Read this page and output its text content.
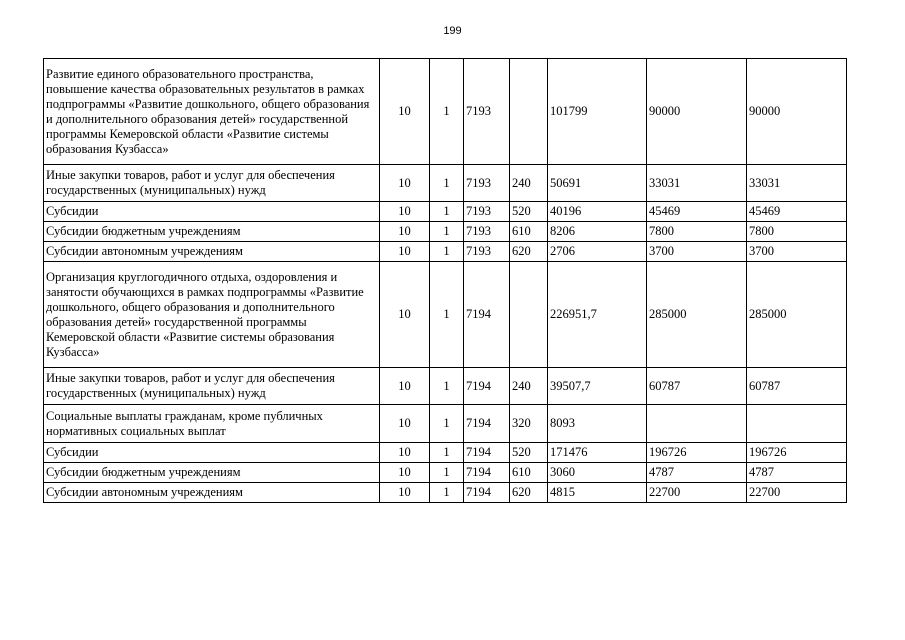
199
Развитие единого образовательного пространства, повышение качества образовательных результатов в рамках подпрограммы «Развитие дошкольного, общего образования и дополнительного образования детей» государственной программы Кемеровской области «Развитие системы образования Кузбасса»	10	1	7193		101799	90000	90000
Иные закупки товаров, работ и услуг для обеспечения государственных (муниципальных) нужд	10	1	7193	240	50691	33031	33031
Субсидии	10	1	7193	520	40196	45469	45469
Субсидии бюджетным учреждениям	10	1	7193	610	8206	7800	7800
Субсидии автономным учреждениям	10	1	7193	620	2706	3700	3700
Организация круглогодичного отдыха, оздоровления и занятости обучающихся в рамках подпрограммы «Развитие дошкольного, общего образования и дополнительного образования детей» государственной программы Кемеровской области «Развитие системы образования Кузбасса»	10	1	7194		226951,7	285000	285000
Иные закупки товаров, работ и услуг для обеспечения государственных (муниципальных) нужд	10	1	7194	240	39507,7	60787	60787
Социальные выплаты гражданам, кроме публичных нормативных социальных выплат	10	1	7194	320	8093		
Субсидии	10	1	7194	520	171476	196726	196726
Субсидии бюджетным учреждениям	10	1	7194	610	3060	4787	4787
Субсидии автономным учреждениям	10	1	7194	620	4815	22700	22700
